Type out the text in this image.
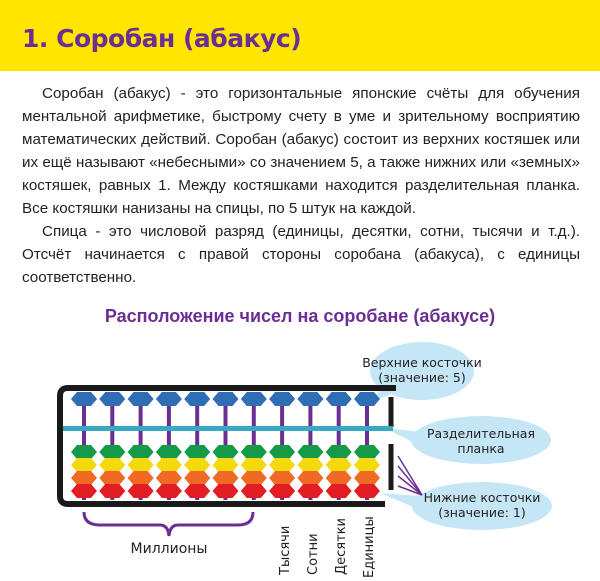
1. Соробан (абакус)

Соробан (абакус) - это горизонтальные японские счёты для обучения ментальной арифметике, быстрому счету в уме и зрительному восприятию математических действий. Соробан (абакус) состоит из верхних костяшек или их ещё называют «небесными» со значением 5, а также нижних или «земных» костяшек, равных 1. Между костяшками находится разделительная планка. Все костяшки нанизаны на спицы, по 5 штук на каждой.

Спица - это числовой разряд (единицы, десятки, сотни, тысячи и т.д.). Отсчёт начинается с правой стороны соробана (абакуса), с единицы соответственно.

Расположение чисел на соробане (абакусе)
Верхние косточки
(значение: 5)
Разделительная
планка
Нижние косточки
(значение: 1)
Миллионы	Тысячи Сотни Десятки Единицы
